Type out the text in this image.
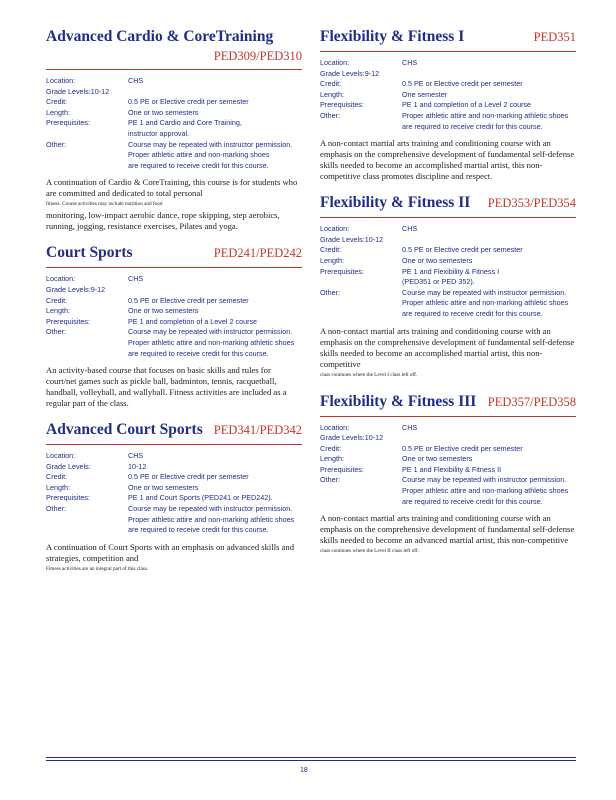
Advanced Cardio & CoreTraining
PED309/PED310
Location:	CHS
Grade Levels:10-12
Credit:	0.5 PE or Elective credit per semester
Length:	One or two semesters
Prerequisites:	PE 1 and Cardio and Core Training,
instructor approval.
Other:	Course may be repeated with instructor permission.
Proper athletic attire and non-marking shoes
are required to receive credit for this course.
A continuation of Cardio & CoreTraining, this course is for students who are committed and dedicated to total personal
fitness. Course activities may include nutrition and food
monitoring, low-impact aerobic dance, rope skipping, step aerobics, running, jogging, resistance exercises, Pilates and yoga.
Court Sports	PED241/PED242
Location:	CHS
Grade Levels:9-12
Credit:	0.5 PE or Elective credit per semester
Length:	One or two semesters
Prerequisites:	PE 1 and completion of a Level 2 course
Other:	Course may be repeated with instructor permission.
Proper athletic attire and non-marking athletic shoes
are required to receive credit for this course.
An activity-based course that focuses on basic skills and rules for court/net games such as pickle ball, badminton, tennis, racquetball, handball, volleyball, and wallyball. Fitness activities are included as a regular part of the class.
Advanced Court Sports PED341/PED342
Location:	CHS
Grade Levels:	10-12
Credit:	0.5 PE or Elective credit per semester
Length:	One or two semesters
Prerequisites:	PE 1 and Court Sports (PED241 or PED242).
Other:	Course may be repeated with instructor permission.
Proper athletic attire and non-marking athletic shoes
are required to receive credit for this course.
A continuation of Court Sports with an emphasis on advanced skills and strategies, competition and
Fitness activities are an integral part of this class.
Flexibility & Fitness I	PED351
Location:	CHS
Grade Levels:9-12
Credit:	0.5 PE or Elective credit per semester
Length:	One semester
Prerequisites:	PE 1 and completion of a Level 2 course
Other:	Proper athletic attire and non-marking athletic shoes
are required to receive credit for this course.
A non-contact martial arts training and conditioning course with an emphasis on the comprehensive development of fundamental self-defense skills needed to become an accomplished martial artist, this non-competitive class promotes discipline and respect.
Flexibility & Fitness II PED353/PED354
Location:	CHS
Grade Levels:10-12
Credit:	0.5 PE or Elective credit per semester
Length:	One or two semesters
Prerequisites:	PE 1 and Flexibility & Fitness I
(PED351 or PED 352).
Other:	Course may be repeated with instructor permission.
Proper athletic attire and non-marking athletic shoes
are required to receive credit for this course.
A non-contact martial arts training and conditioning course with an emphasis on the comprehensive development of fundamental self-defense skills needed to become an accomplished martial artist, this non-competitive
class continues where the Level I class left off.
Flexibility & Fitness III PED357/PED358
Location:	CHS
Grade Levels:10-12
Credit:	0.5 PE or Elective credit per semester
Length:	One or two semesters
Prerequisites:	PE 1 and Flexibility & Fitness II
Other:	Course may be repeated with instructor permission.
Proper athletic attire and non-marking athletic shoes
are required to receive credit for this course.
A non-contact martial arts training and conditioning course with an emphasis on the comprehensive development of fundamental self-defense skills needed to become an advanced martial artist, this non-competitive
class continues where the Level II class left off.
18
